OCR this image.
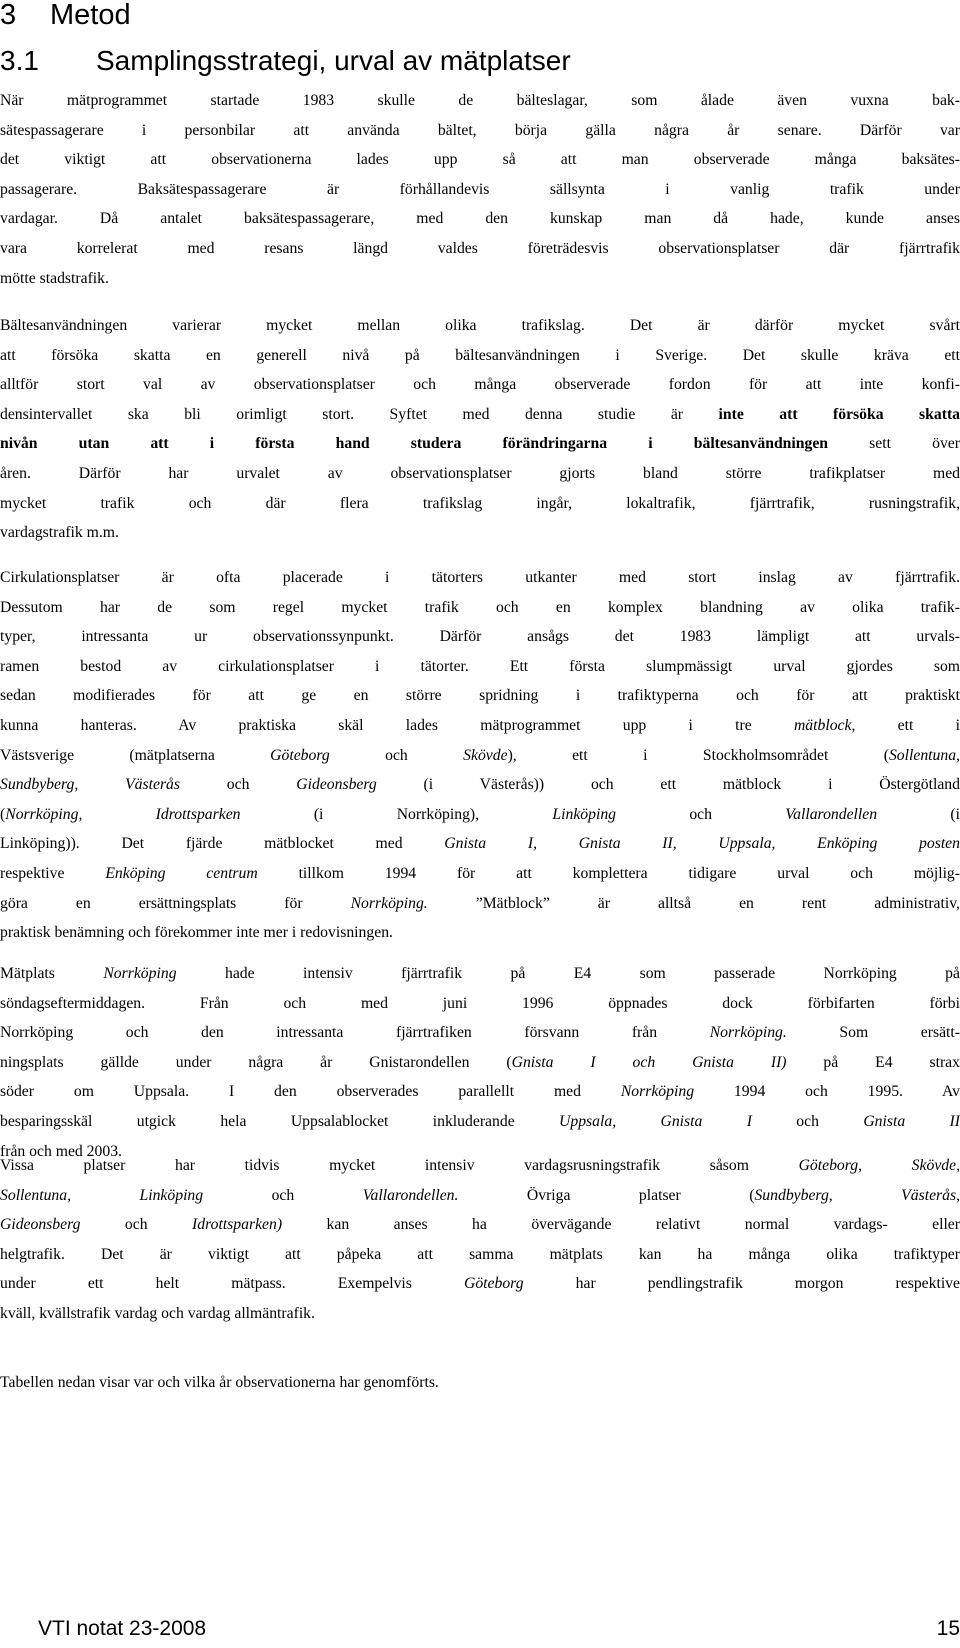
3 Metod
3.1 Samplingsstrategi, urval av mätplatser
När mätprogrammet startade 1983 skulle de bälteslagar, som ålade även vuxna bak-
sätespassagerare i personbilar att använda bältet, börja gälla några år senare. Därför var
det viktigt att observationerna lades upp så att man observerade många baksätes-
passagerare. Baksätespassagerare är förhållandevis sällsynta i vanlig trafik under
vardagar. Då antalet baksätespassagerare, med den kunskap man då hade, kunde anses
vara korrelerat med resans längd valdes företrädesvis observationsplatser där fjärrtrafik
mötte stadstrafik.
Bältesanvändningen varierar mycket mellan olika trafikslag. Det är därför mycket svårt
att försöka skatta en generell nivå på bältesanvändningen i Sverige. Det skulle kräva ett
alltför stort val av observationsplatser och många observerade fordon för att inte konfi-
densintervallet ska bli orimligt stort. Syftet med denna studie är inte att försöka skatta
nivån utan att i första hand studera förändringarna i bältesanvändningen sett över
åren. Därför har urvalet av observationsplatser gjorts bland större trafikplatser med
mycket trafik och där flera trafikslag ingår, lokaltrafik, fjärrtrafik, rusningstrafik,
vardagstrafik m.m.
Cirkulationsplatser är ofta placerade i tätorters utkanter med stort inslag av fjärrtrafik.
Dessutom har de som regel mycket trafik och en komplex blandning av olika trafik-
typer, intressanta ur observationssynpunkt. Därför ansågs det 1983 lämpligt att urvals-
ramen bestod av cirkulationsplatser i tätorter. Ett första slumpmässigt urval gjordes som
sedan modifierades för att ge en större spridning i trafiktyperna och för att praktiskt
kunna hanteras. Av praktiska skäl lades mätprogrammet upp i tre mätblock, ett i
Västsverige (mätplatserna Göteborg och Skövde), ett i Stockholmsområdet (Sollentuna,
Sundbyberg, Västerås och Gideonsberg (i Västerås)) och ett mätblock i Östergötland
(Norrköping, Idrottsparken (i Norrköping), Linköping och Vallarondellen (i
Linköping)). Det fjärde mätblocket med Gnista I, Gnista II, Uppsala, Enköping posten
respektive Enköping centrum tillkom 1994 för att komplettera tidigare urval och möjlig-
göra en ersättningsplats för Norrköping. ”Mätblock” är alltså en rent administrativ,
praktisk benämning och förekommer inte mer i redovisningen.
Mätplats Norrköping hade intensiv fjärrtrafik på E4 som passerade Norrköping på
söndagseftermiddagen. Från och med juni 1996 öppnades dock förbifarten förbi
Norrköping och den intressanta fjärrtrafiken försvann från Norrköping. Som ersätt-
ningsplats gällde under några år Gnistarondellen (Gnista I och Gnista II) på E4 strax
söder om Uppsala. I den observerades parallellt med Norrköping 1994 och 1995. Av
besparingsskäl utgick hela Uppsalablocket inkluderande Uppsala, Gnista I och Gnista II
från och med 2003.
Vissa platser har tidvis mycket intensiv vardagsrusningstrafik såsom Göteborg, Skövde,
Sollentuna, Linköping och Vallarondellen. Övriga platser (Sundbyberg, Västerås,
Gideonsberg och Idrottsparken) kan anses ha övervägande relativt normal vardags- eller
helgtrafik. Det är viktigt att påpeka att samma mätplats kan ha många olika trafiktyper
under ett helt mätpass. Exempelvis Göteborg har pendlingstrafik morgon respektive
kväll, kvällstrafik vardag och vardag allmäntrafik.
Tabellen nedan visar var och vilka år observationerna har genomförts.
VTI notat 23-2008	15
